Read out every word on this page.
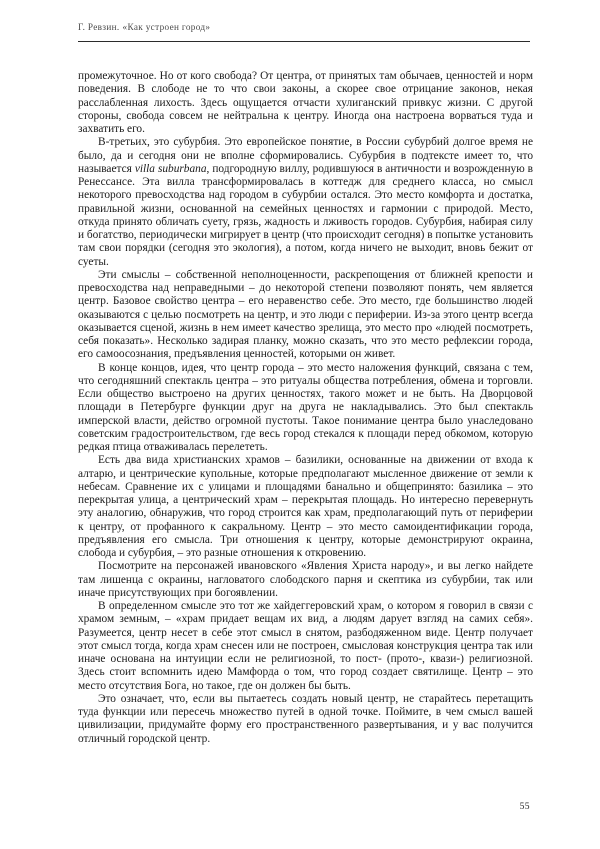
Г. Ревзин. «Как устроен город»

промежуточное. Но от кого свобода? От центра, от принятых там обычаев, ценностей и норм поведения. В слободе не то что свои законы, а скорее свое отрицание законов, некая расслабленная лихость. Здесь ощущается отчасти хулиганский привкус жизни. С другой стороны, свобода совсем не нейтральна к центру. Иногда она настроена ворваться туда и захватить его.

В-третьих, это субурбия. Это европейское понятие, в России субурбий долгое время не было, да и сегодня они не вполне сформировались. Субурбия в подтексте имеет то, что называется villa suburbana, подгородную виллу, родившуюся в античности и возрожденную в Ренессансе. Эта вилла трансформировалась в коттедж для среднего класса, но смысл некоторого превосходства над городом в субурбии остался. Это место комфорта и достатка, правильной жизни, основанной на семейных ценностях и гармонии с природой. Место, откуда принято обличать суету, грязь, жадность и лживость городов. Субурбия, набирая силу и богатство, периодически мигрирует в центр (что происходит сегодня) в попытке установить там свои порядки (сегодня это экология), а потом, когда ничего не выходит, вновь бежит от суеты.

Эти смыслы – собственной неполноценности, раскрепощения от ближней крепости и превосходства над неправедными – до некоторой степени позволяют понять, чем является центр. Базовое свойство центра – его неравенство себе. Это место, где большинство людей оказываются с целью посмотреть на центр, и это люди с периферии. Из-за этого центр всегда оказывается сценой, жизнь в нем имеет качество зрелища, это место про «людей посмотреть, себя показать». Несколько задирая планку, можно сказать, что это место рефлексии города, его самоосознания, предъявления ценностей, которыми он живет.

В конце концов, идея, что центр города – это место наложения функций, связана с тем, что сегодняшний спектакль центра – это ритуалы общества потребления, обмена и торговли. Если общество выстроено на других ценностях, такого может и не быть. На Дворцовой площади в Петербурге функции друг на друга не накладывались. Это был спектакль имперской власти, действо огромной пустоты. Такое понимание центра было унаследовано советским градостроительством, где весь город стекался к площади перед обкомом, которую редкая птица отваживалась перелететь.

Есть два вида христианских храмов – базилики, основанные на движении от входа к алтарю, и центрические купольные, которые предполагают мысленное движение от земли к небесам. Сравнение их с улицами и площадями банально и общепринято: базилика – это перекрытая улица, а центрический храм – перекрытая площадь. Но интересно перевернуть эту аналогию, обнаружив, что город строится как храм, предполагающий путь от периферии к центру, от профанного к сакральному. Центр – это место самоидентификации города, предъявления его смысла. Три отношения к центру, которые демонстрируют окраина, слобода и субурбия, – это разные отношения к откровению.

Посмотрите на персонажей ивановского «Явления Христа народу», и вы легко найдете там лишенца с окраины, нагловатого слободского парня и скептика из субурбии, так или иначе присутствующих при богоявлении.

В определенном смысле это тот же хайдеггеровский храм, о котором я говорил в связи с храмом земным, – «храм придает вещам их вид, а людям дарует взгляд на самих себя». Разумеется, центр несет в себе этот смысл в снятом, разбодяженном виде. Центр получает этот смысл тогда, когда храм снесен или не построен, смысловая конструкция центра так или иначе основана на интуиции если не религиозной, то пост- (прото-, квази-) религиозной. Здесь стоит вспомнить идею Мамфорда о том, что город создает святилище. Центр – это место отсутствия Бога, но такое, где он должен бы быть.

Это означает, что, если вы пытаетесь создать новый центр, не старайтесь перетащить туда функции или пересечь множество путей в одной точке. Поймите, в чем смысл вашей цивилизации, придумайте форму его пространственного развертывания, и у вас получится отличный городской центр.

55
